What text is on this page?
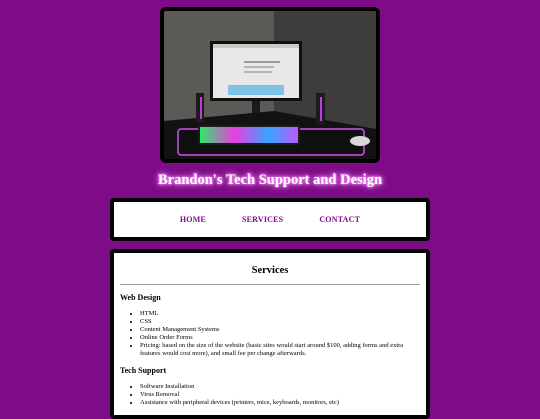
Brandon's Tech Support and Design
HOME	SERVICES	CONTACT
Services
Web Design
• HTML
• CSS
• Content Management Systems
• Online Order Forms
• Pricing: based on the size of the website (basic sites would start around $100, adding forms and extra features would cost more), and small fee per change afterwards.
Tech Support
• Software Installation
• Virus Removal
• Assistance with peripheral devices (printers, mice, keyboards, monitors, etc)
